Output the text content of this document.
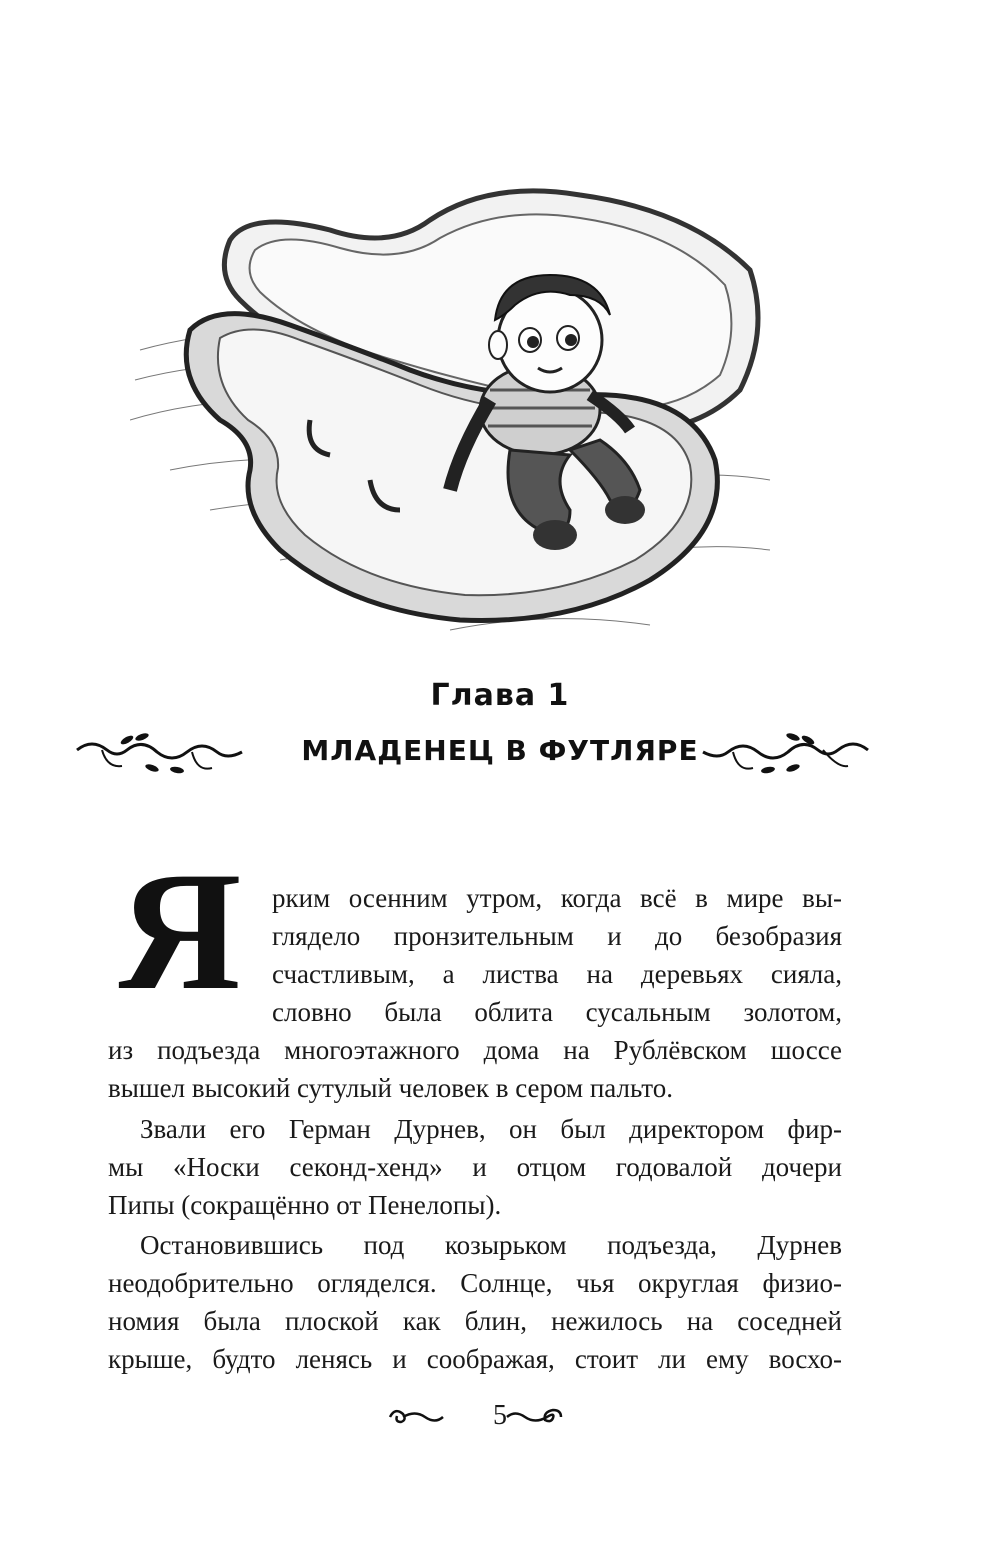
Глава 1
МЛАДЕНЕЦ В ФУТЛЯРЕ
Я рким осенним утром, когда всё в мире вы-
глядело пронзительным и до безобразия
счастливым, а листва на деревьях сияла,
словно была облита сусальным золотом,
из подъезда многоэтажного дома на Рублёвском шоссе
вышел высокий сутулый человек в сером пальто.
Звали его Герман Дурнев, он был директором фир-
мы «Носки секонд-хенд» и отцом годовалой дочери
Пипы (сокращённо от Пенелопы).
Остановившись под козырьком подъезда, Дурнев
неодобрительно огляделся. Солнце, чья округлая физио-
номия была плоской как блин, нежилось на соседней
крыше, будто ленясь и соображая, стоит ли ему восхо-
5
